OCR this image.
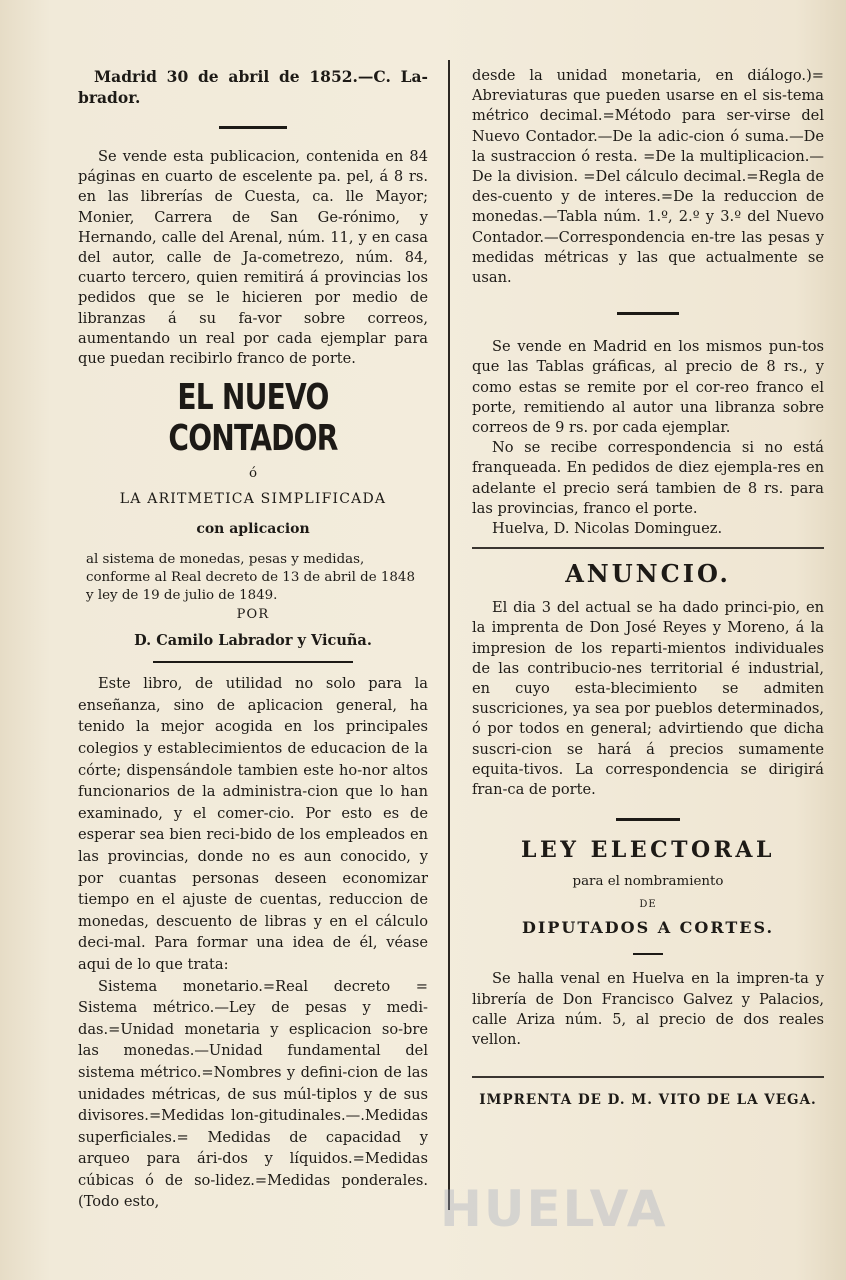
Madrid 30 de abril de 1852.—C. La-brador.

Se vende esta publicacion, contenida en 84 páginas en cuarto de escelente pa. pel, á 8 rs. en las librerías de Cuesta, ca. lle Mayor; Monier, Carrera de San Ge-rónimo, y Hernando, calle del Arenal, núm. 11, y en casa del autor, calle de Ja-cometrezo, núm. 84, cuarto tercero, quien remitirá á provincias los pedidos que se le hicieren por medio de libranzas á su fa-vor sobre correos, aumentando un real por cada ejemplar para que puedan recibirlo franco de porte.

EL NUEVO CONTADOR
ó
LA ARITMETICA SIMPLIFICADA
con aplicacion

al sistema de monedas, pesas y medidas, conforme al Real decreto de 13 de abril de 1848 y ley de 19 de julio de 1849.

POR
D. Camilo Labrador y Vicuña.

Este libro, de utilidad no solo para la enseñanza, sino de aplicacion general, ha tenido la mejor acogida en los principales colegios y establecimientos de educacion de la córte; dispensándole tambien este ho-nor altos funcionarios de la administra-cion que lo han examinado, y el comer-cio. Por esto es de esperar sea bien reci-bido de los empleados en las provincias, donde no es aun conocido, y por cuantas personas deseen economizar tiempo en el ajuste de cuentas, reduccion de monedas, descuento de libras y en el cálculo deci-mal. Para formar una idea de él, véase aqui de lo que trata:

Sistema monetario.=Real decreto = Sistema métrico.—Ley de pesas y medi-das.=Unidad monetaria y esplicacion so-bre las monedas.—Unidad fundamental del sistema métrico.=Nombres y defini-cion de las unidades métricas, de sus múl-tiplos y de sus divisores.=Medidas lon-gitudinales.—.Medidas superficiales.= Medidas de capacidad y arqueo para ári-dos y líquidos.=Medidas cúbicas ó de so-lidez.=Medidas ponderales. (Todo esto,

desde la unidad monetaria, en diálogo.)= Abreviaturas que pueden usarse en el sis-tema métrico decimal.=Método para ser-virse del Nuevo Contador.—De la adic-cion ó suma.—De la sustraccion ó resta. =De la multiplicacion.—De la division. =Del cálculo decimal.=Regla de des-cuento y de interes.=De la reduccion de monedas.—Tabla núm. 1.º, 2.º y 3.º del Nuevo Contador.—Correspondencia en-tre las pesas y medidas métricas y las que actualmente se usan.

Se vende en Madrid en los mismos pun-tos que las Tablas gráficas, al precio de 8 rs., y como estas se remite por el cor-reo franco el porte, remitiendo al autor una libranza sobre correos de 9 rs. por cada ejemplar.

No se recibe correspondencia si no está franqueada. En pedidos de diez ejempla-res en adelante el precio será tambien de 8 rs. para las provincias, franco el porte.

Huelva, D. Nicolas Dominguez.

ANUNCIO.

El dia 3 del actual se ha dado princi-pio, en la imprenta de Don José Reyes y Moreno, á la impresion de los reparti-mientos individuales de las contribucio-nes territorial é industrial, en cuyo esta-blecimiento se admiten suscriciones, ya sea por pueblos determinados, ó por todos en general; advirtiendo que dicha suscri-cion se hará á precios sumamente equita-tivos. La correspondencia se dirigirá fran-ca de porte.

LEY ELECTORAL
para el nombramiento
DE
DIPUTADOS A CORTES.

Se halla venal en Huelva en la impren-ta y librería de Don Francisco Galvez y Palacios, calle Ariza núm. 5, al precio de dos reales vellon.

IMPRENTA DE D. M. VITO DE LA VEGA.
HUELVA
